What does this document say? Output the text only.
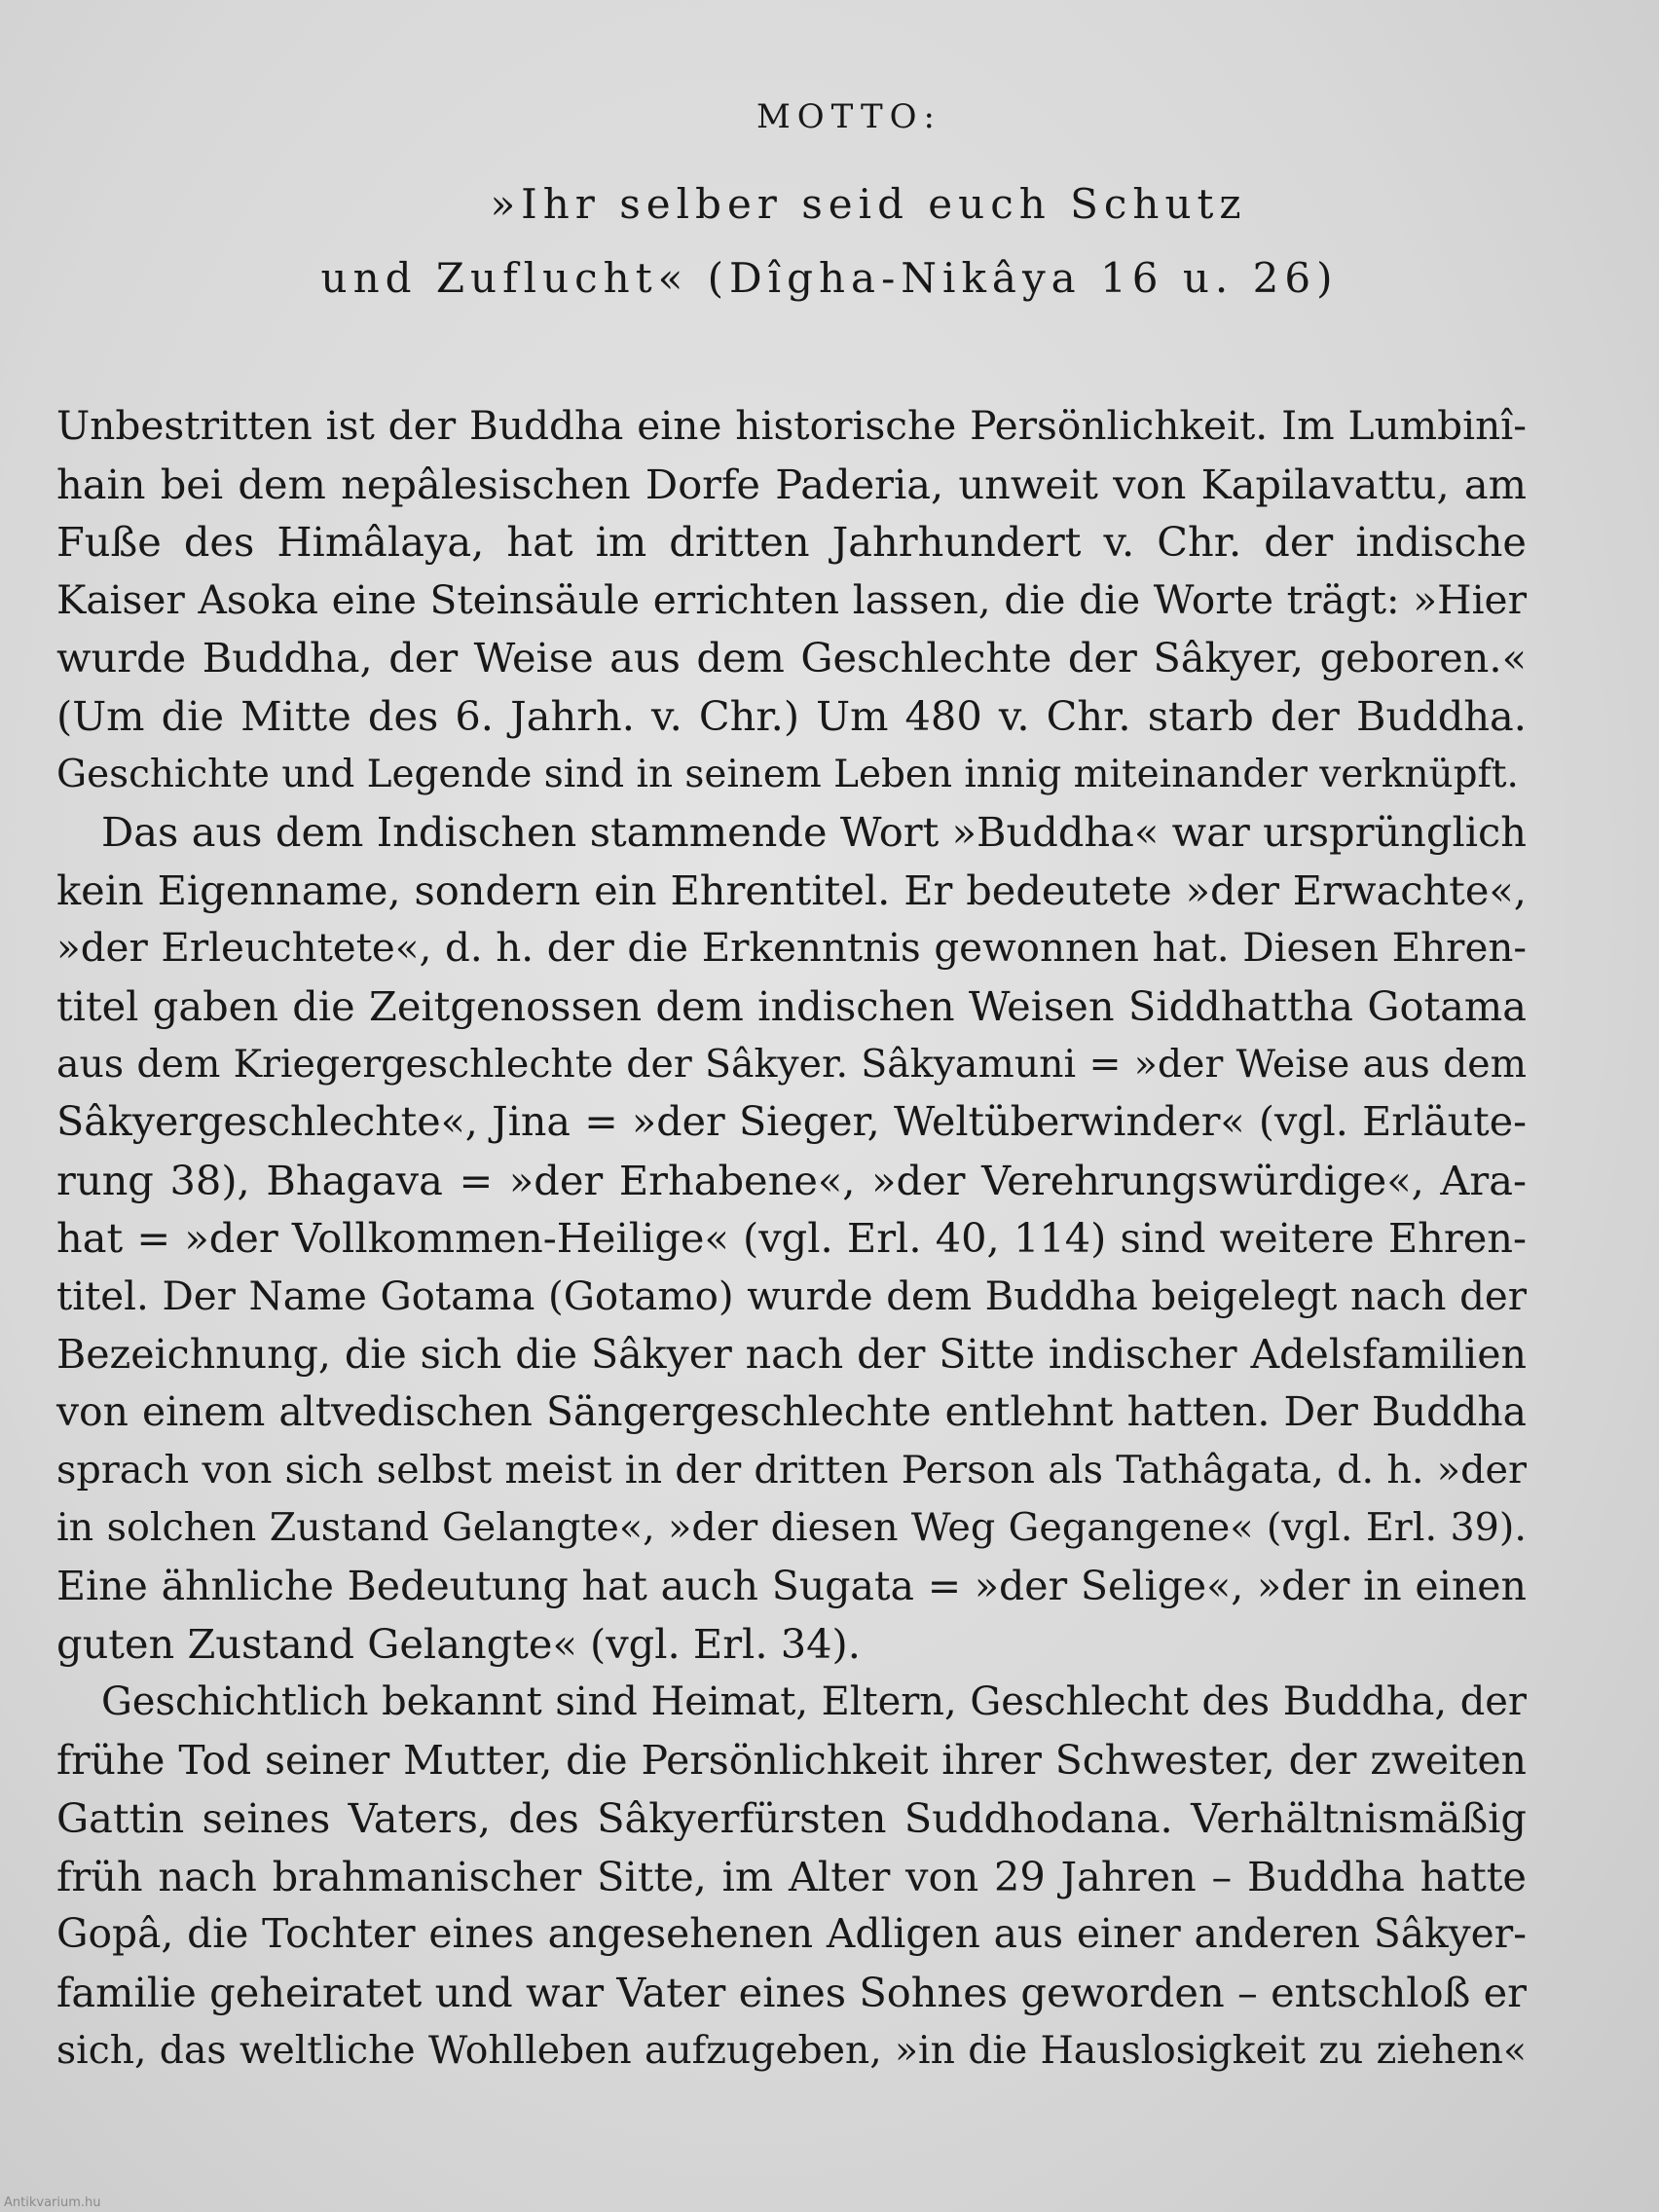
MOTTO:
»Ihr selber seid euch Schutz
und Zuflucht« (Dîgha-Nikâya 16 u. 26)
Unbestritten ist der Buddha eine historische Persönlichkeit. Im Lumbinî-
hain bei dem nepâlesischen Dorfe Paderia, unweit von Kapilavattu, am
Fuße des Himâlaya, hat im dritten Jahrhundert v. Chr. der indische
Kaiser Asoka eine Steinsäule errichten lassen, die die Worte trägt: »Hier
wurde Buddha, der Weise aus dem Geschlechte der Sâkyer, geboren.«
(Um die Mitte des 6. Jahrh. v. Chr.) Um 480 v. Chr. starb der Buddha.
Geschichte und Legende sind in seinem Leben innig miteinander verknüpft.
Das aus dem Indischen stammende Wort »Buddha« war ursprünglich
kein Eigenname, sondern ein Ehrentitel. Er bedeutete »der Erwachte«,
»der Erleuchtete«, d. h. der die Erkenntnis gewonnen hat. Diesen Ehren-
titel gaben die Zeitgenossen dem indischen Weisen Siddhattha Gotama
aus dem Kriegergeschlechte der Sâkyer. Sâkyamuni = »der Weise aus dem
Sâkyergeschlechte«, Jina = »der Sieger, Weltüberwinder« (vgl. Erläute-
rung 38), Bhagava = »der Erhabene«, »der Verehrungswürdige«, Ara-
hat = »der Vollkommen-Heilige« (vgl. Erl. 40, 114) sind weitere Ehren-
titel. Der Name Gotama (Gotamo) wurde dem Buddha beigelegt nach der
Bezeichnung, die sich die Sâkyer nach der Sitte indischer Adelsfamilien
von einem altvedischen Sängergeschlechte entlehnt hatten. Der Buddha
sprach von sich selbst meist in der dritten Person als Tathâgata, d. h. »der
in solchen Zustand Gelangte«, »der diesen Weg Gegangene« (vgl. Erl. 39).
Eine ähnliche Bedeutung hat auch Sugata = »der Selige«, »der in einen
guten Zustand Gelangte« (vgl. Erl. 34).
Geschichtlich bekannt sind Heimat, Eltern, Geschlecht des Buddha, der
frühe Tod seiner Mutter, die Persönlichkeit ihrer Schwester, der zweiten
Gattin seines Vaters, des Sâkyerfürsten Suddhodana. Verhältnismäßig
früh nach brahmanischer Sitte, im Alter von 29 Jahren – Buddha hatte
Gopâ, die Tochter eines angesehenen Adligen aus einer anderen Sâkyer-
familie geheiratet und war Vater eines Sohnes geworden – entschloß er
sich, das weltliche Wohlleben aufzugeben, »in die Hauslosigkeit zu ziehen«
Antikvarium.hu
